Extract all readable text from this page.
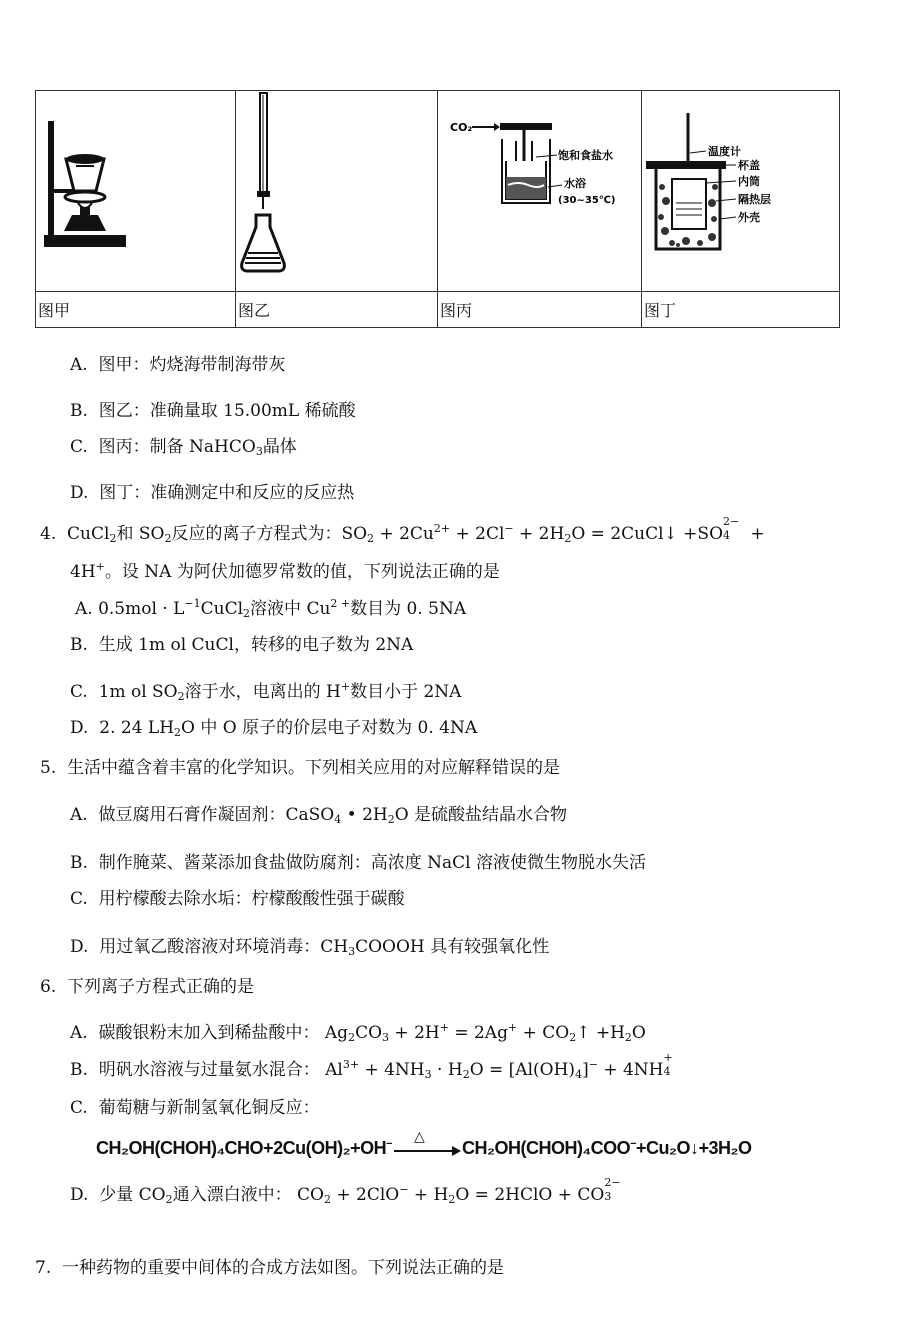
CO₂
饱和食盐水
水浴
(30~35℃)	温度计
杯盖
内筒
隔热层
外壳

图甲	图乙	图丙	图丁
A. 图甲：灼烧海带制海带灰
B. 图乙：准确量取 15.00mL 稀硫酸
C. 图丙：制备 NaHCO$_3$晶体
D. 图丁：准确测定中和反应的反应热
4. CuCl$_2$和 $SO_2$反应的离子方程式为：$SO_2 + 2Cu^{2+} + 2Cl^- + 2H_2O$ = 2CuCl↓ +SO
2−
4 +
4H+。设 NA 为阿伏加德罗常数的值，下列说法正确的是
A. $0.5mol \cdot L^{-1}CuCl_2$溶液中 $Cu^{2 +}$数目为 0. 5NA
B. 生成 1m ol CuCl，转移的电子数为 2NA
C. 1m ol $SO_2$溶于水，电离出的 H+数目小于 2NA
D. 2. 24 $LH_2O$ 中 O 原子的价层电子对数为 0. 4NA
5. 生活中蕴含着丰富的化学知识。下列相关应用的对应解释错误的是
A. 做豆腐用石膏作凝固剂：CaSO$_4$ • $2H_2O$ 是硫酸盐结晶水合物
B. 制作腌菜、酱菜添加食盐做防腐剂：高浓度 NaCl 溶液使微生物脱水失活
C. 用柠檬酸去除水垢：柠檬酸酸性强于碳酸
D. 用过氧乙酸溶液对环境消毒：$CH_3COOOH$ 具有较强氧化性
6. 下列离子方程式正确的是
A. 碳酸银粉末加入到稀盐酸中： $Ag_2CO_3 + 2H^+ = 2Ag^+$ + $CO_2↑ +H_2O$
B. 明矾水溶液与过量氨水混合： $Al^{3+} + 4NH_3 \cdot H_2O = [Al(OH)_4]^- + 4NH$
+
4

C. 葡萄糖与新制氢氧化铜反应：
CH₂OH(CHOH)₄CHO+2Cu(OH)₂+OH− △
CH₂OH(CHOH)₄COO−+Cu₂O↓+3H₂O
D. 少量 $CO_2$通入漂白液中： $CO_2 + 2ClO^- + H_2O$ = 2HClO + CO
2−
3

7. 一种药物的重要中间体的合成方法如图。下列说法正确的是
